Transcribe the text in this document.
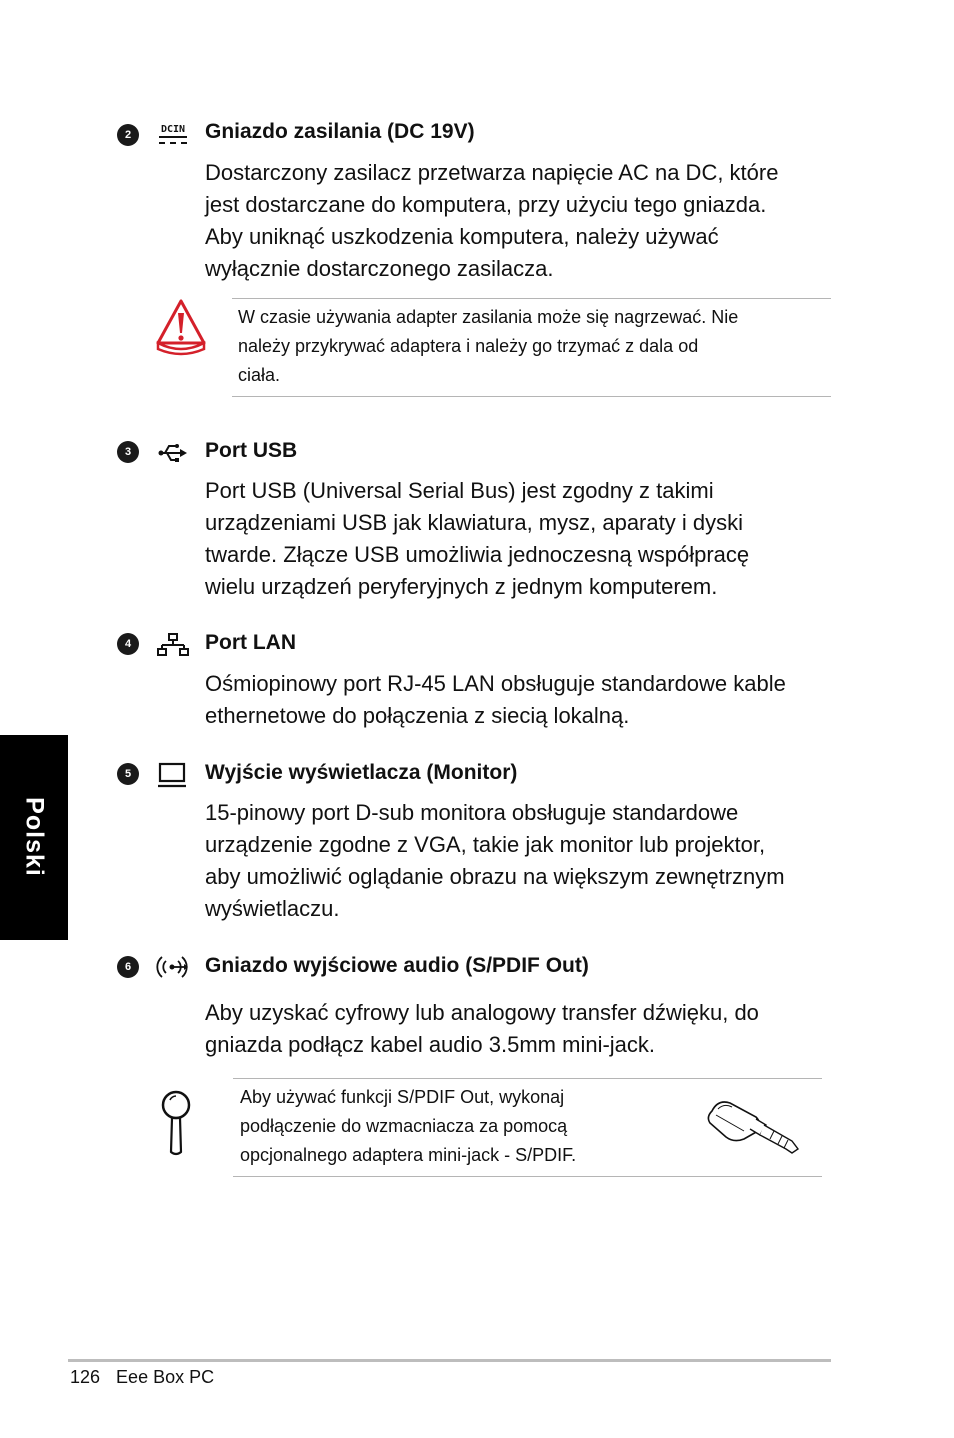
2	DCIN Gniazdo zasilania (DC 19V)
Dostarczony zasilacz przetwarza napięcie AC na DC, które
jest dostarczane do komputera, przy użyciu tego gniazda.
Aby uniknąć uszkodzenia komputera, należy używać
wyłącznie dostarczonego zasilacza.
W czasie używania adapter zasilania może się nagrzewać. Nie
należy przykrywać adaptera i należy go trzymać z dala od
ciała.
3	Port USB
Port USB (Universal Serial Bus) jest zgodny z takimi
urządzeniami USB jak klawiatura, mysz, aparaty i dyski
twarde. Złącze USB umożliwia jednoczesną współpracę
wielu urządzeń peryferyjnych z jednym komputerem.
4	Port LAN
Ośmiopinowy port RJ-45 LAN obsługuje standardowe kable
ethernetowe do połączenia z siecią lokalną.
5	Wyjście wyświetlacza (Monitor)
15-pinowy port D-sub monitora obsługuje standardowe
urządzenie zgodne z VGA, takie jak monitor lub projektor,
aby umożliwić oglądanie obrazu na większym zewnętrznym
wyświetlaczu.
6	Gniazdo wyjściowe audio (S/PDIF Out)
Aby uzyskać cyfrowy lub analogowy transfer dźwięku, do
gniazda podłącz kabel audio 3.5mm mini-jack.
Aby używać funkcji S/PDIF Out, wykonaj
podłączenie do wzmacniacza za pomocą
opcjonalnego adaptera mini-jack - S/PDIF.
Polski
126 Eee Box PC
